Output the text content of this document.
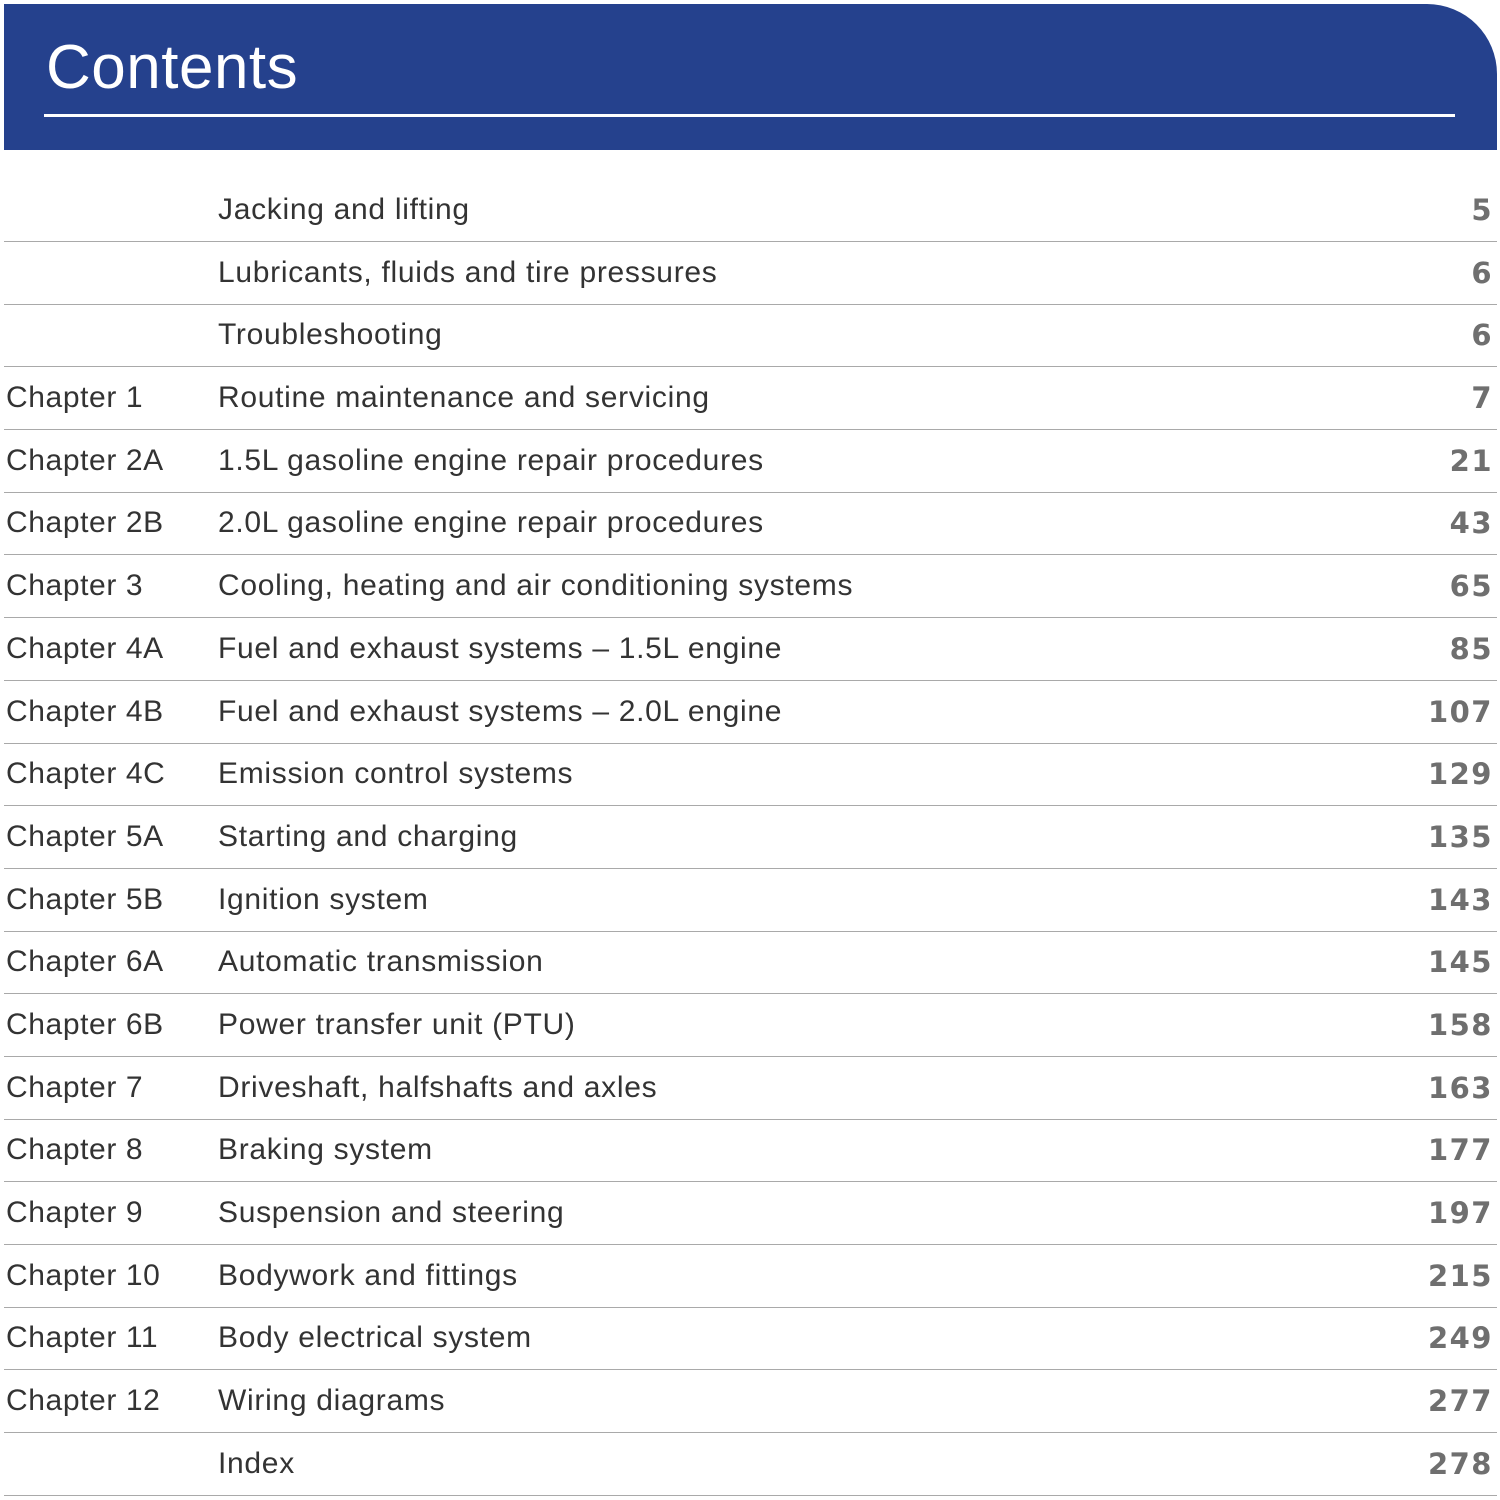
Contents
Jacking and lifting	5
Lubricants, fluids and tire pressures	6
Troubleshooting	6
Chapter 1 Routine maintenance and servicing	7
Chapter 2A 1.5L gasoline engine repair procedures	21
Chapter 2B 2.0L gasoline engine repair procedures	43
Chapter 3 Cooling, heating and air conditioning systems	65
Chapter 4A Fuel and exhaust systems – 1.5L engine	85
Chapter 4B Fuel and exhaust systems – 2.0L engine	107
Chapter 4C Emission control systems	129
Chapter 5A Starting and charging	135
Chapter 5B Ignition system	143
Chapter 6A Automatic transmission	145
Chapter 6B Power transfer unit (PTU)	158
Chapter 7 Driveshaft, halfshafts and axles	163
Chapter 8 Braking system	177
Chapter 9 Suspension and steering	197
Chapter 10 Bodywork and fittings	215
Chapter 11 Body electrical system	249
Chapter 12 Wiring diagrams	277
Index	278
